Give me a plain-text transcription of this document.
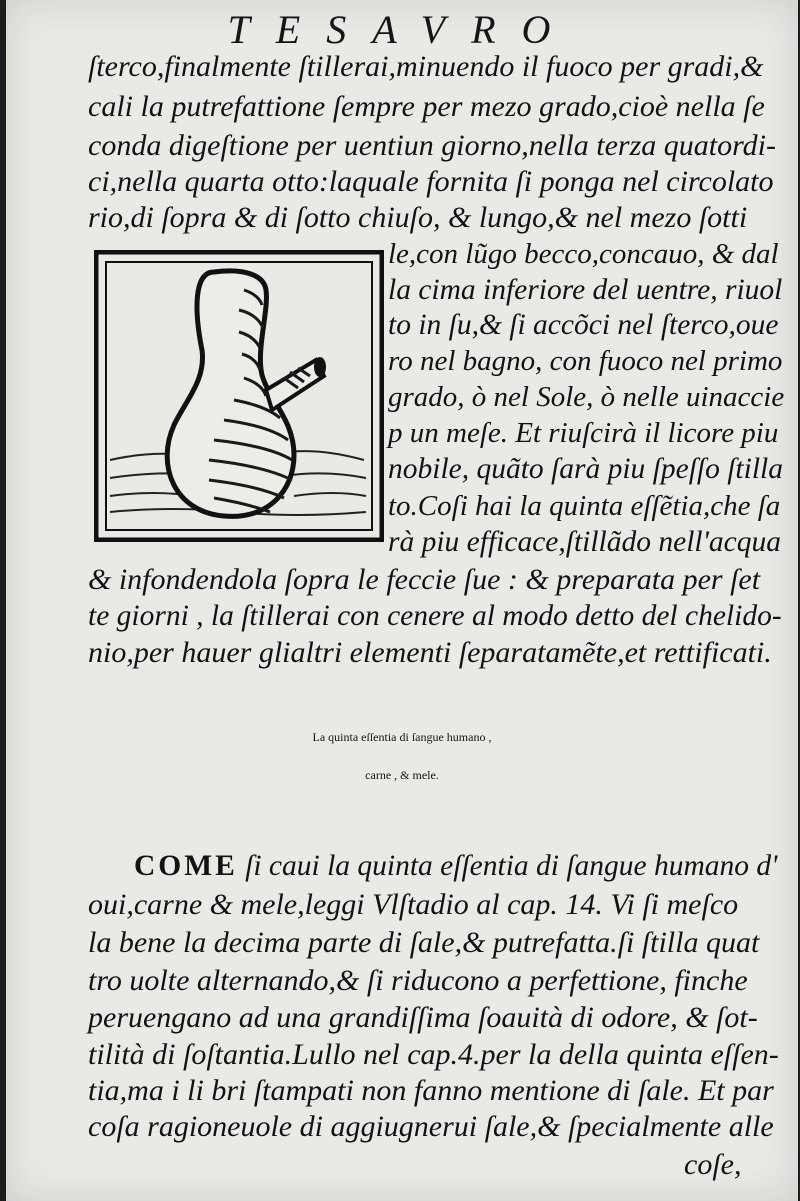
TESAVRO
ſterco,finalmente ſtillerai,minuendo il fuoco per gradi,&
cali la putrefattione ſempre per mezo grado,cioè nella ſe
conda digeſtione per uentiun giorno,nella terza quatordi-
ci,nella quarta otto:laquale fornita ſi ponga nel circolato
rio,di ſopra & di ſotto chiuſo, & lungo,& nel mezo ſotti
le,con lũgo becco,concauo, & dal
la cima inferiore del uentre, riuol
to in ſu,& ſi accõci nel ſterco,oue
ro nel bagno, con fuoco nel primo
grado, ò nel Sole, ò nelle uinaccie
p un meſe. Et riuſcirà il licore piu
nobile, quãto ſarà piu ſpeſſo ſtilla
to.Coſi hai la quinta eſſẽtia,che ſa
rà piu efficace,ſtillãdo nell'acqua
& infondendola ſopra le feccie ſue : & preparata per ſet
te giorni , la ſtillerai con cenere al modo detto del chelido-
nio,per hauer glialtri elementi ſeparatamẽte,et rettificati.
La quinta eſſentia di ſangue humano ,
carne , & mele.
COME ſi caui la quinta eſſentia di ſangue humano d'
oui,carne & mele,leggi Vlſtadio al cap. 14. Vi ſi meſco
la bene la decima parte di ſale,& putrefatta.ſi ſtilla quat
tro uolte alternando,& ſi riducono a perfettione, finche
peruengano ad una grandiſſima ſoauità di odore, & ſot-
tilità di ſoſtantia.Lullo nel cap.4.per la della quinta eſſen-
tia,ma i li bri ſtampati non fanno mentione di ſale. Et par
coſa ragioneuole di aggiugnerui ſale,& ſpecialmente alle
coſe,
